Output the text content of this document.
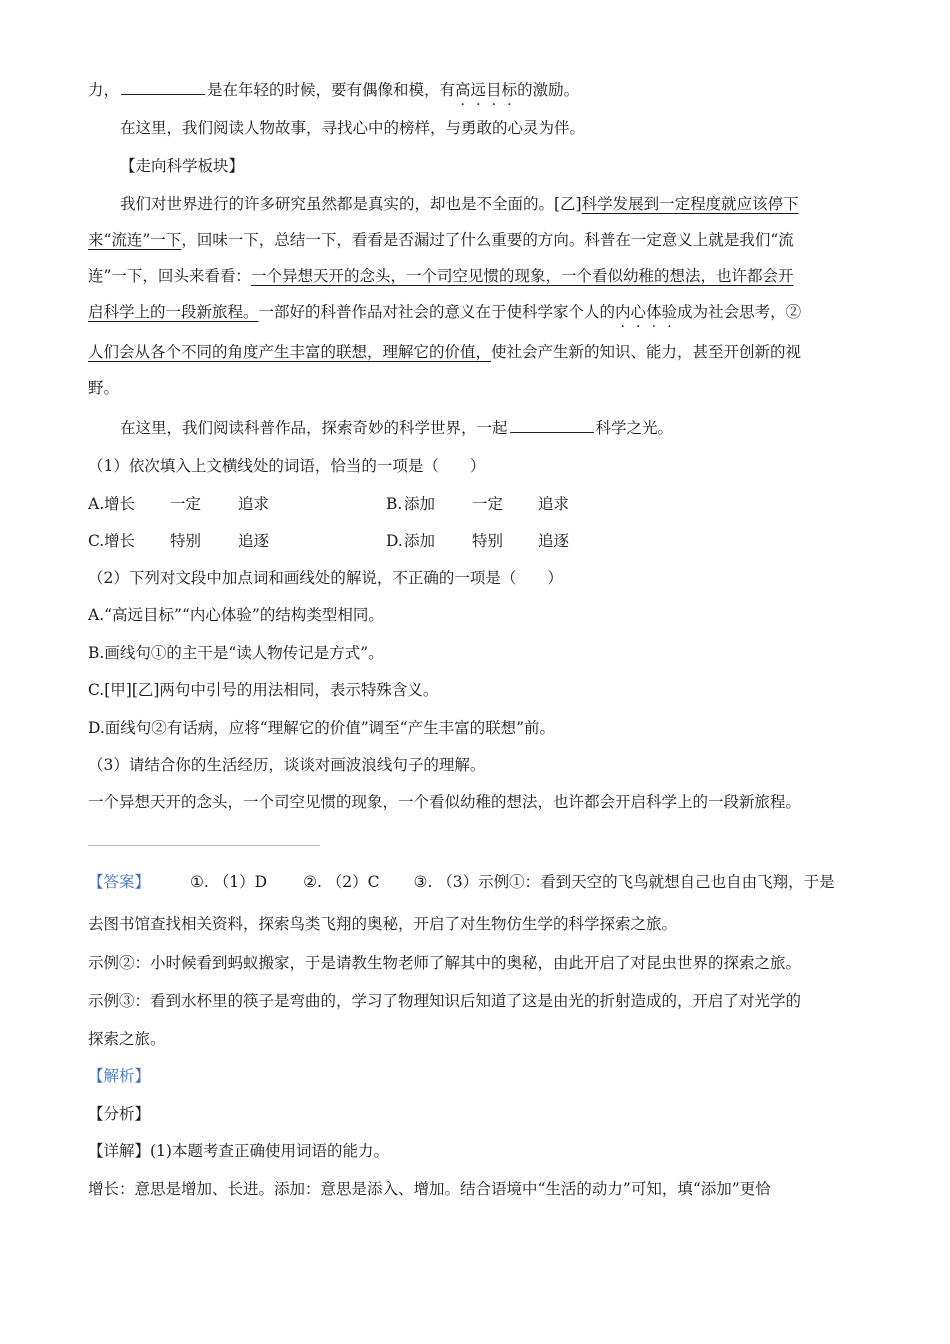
力，	是在年轻的时候，要有偶像和模，有高远目标的激励。
在这里，我们阅读人物故事，寻找心中的榜样，与勇敢的心灵为伴。
【走向科学板块】
我们对世界进行的许多研究虽然都是真实的，却也是不全面的。[乙]科学发展到一定程度就应该停下
来“流连”一下，回味一下，总结一下，看看是否漏过了什么重要的方向。科普在一定意义上就是我们“流
连”一下，回头来看看：一个异想天开的念头，一个司空见惯的现象，一个看似幼稚的想法，也许都会开
启科学上的一段新旅程。一部好的科普作品对社会的意义在于使科学家个人的内心体验成为社会思考，②
人们会从各个不同的角度产生丰富的联想，理解它的价值，使社会产生新的知识、能力，甚至开创新的视
野。
在这里，我们阅读科普作品，探索奇妙的科学世界，一起	科学之光。
（1）依次填入上文横线处的词语，恰当的一项是（　　）
A. 增长 一定 追求	B. 添加 一定 追求
C. 增长 特别 追逐	D. 添加 特别 追逐
（2）下列对文段中加点词和画线处的解说，不正确的一项是（　　）
A.“高远目标”“内心体验”的结构类型相同。
B.画线句①的主干是“读人物传记是方式”。
C.[甲][乙]两句中引号的用法相同，表示特殊含义。
D.面线句②有话病，应将“理解它的价值”调至“产生丰富的联想”前。
（3）请结合你的生活经历，谈谈对画波浪线句子的理解。
一个异想天开的念头，一个司空见惯的现象，一个看似幼稚的想法，也许都会开启科学上的一段新旅程。
【答案】	①. （1）D ②. （2）C ③. （3）示例①：看到天空的飞鸟就想自己也自由飞翔，于是
去图书馆查找相关资料，探索鸟类飞翔的奥秘，开启了对生物仿生学的科学探索之旅。
示例②：小时候看到蚂蚁搬家，于是请教生物老师了解其中的奥秘，由此开启了对昆虫世界的探索之旅。
示例③：看到水杯里的筷子是弯曲的，学习了物理知识后知道了这是由光的折射造成的，开启了对光学的
探索之旅。
【解析】
【分析】
【详解】(1)本题考查正确使用词语的能力。
增长：意思是增加、长进。添加：意思是添入、增加。结合语境中“生活的动力”可知，填“添加”更恰
